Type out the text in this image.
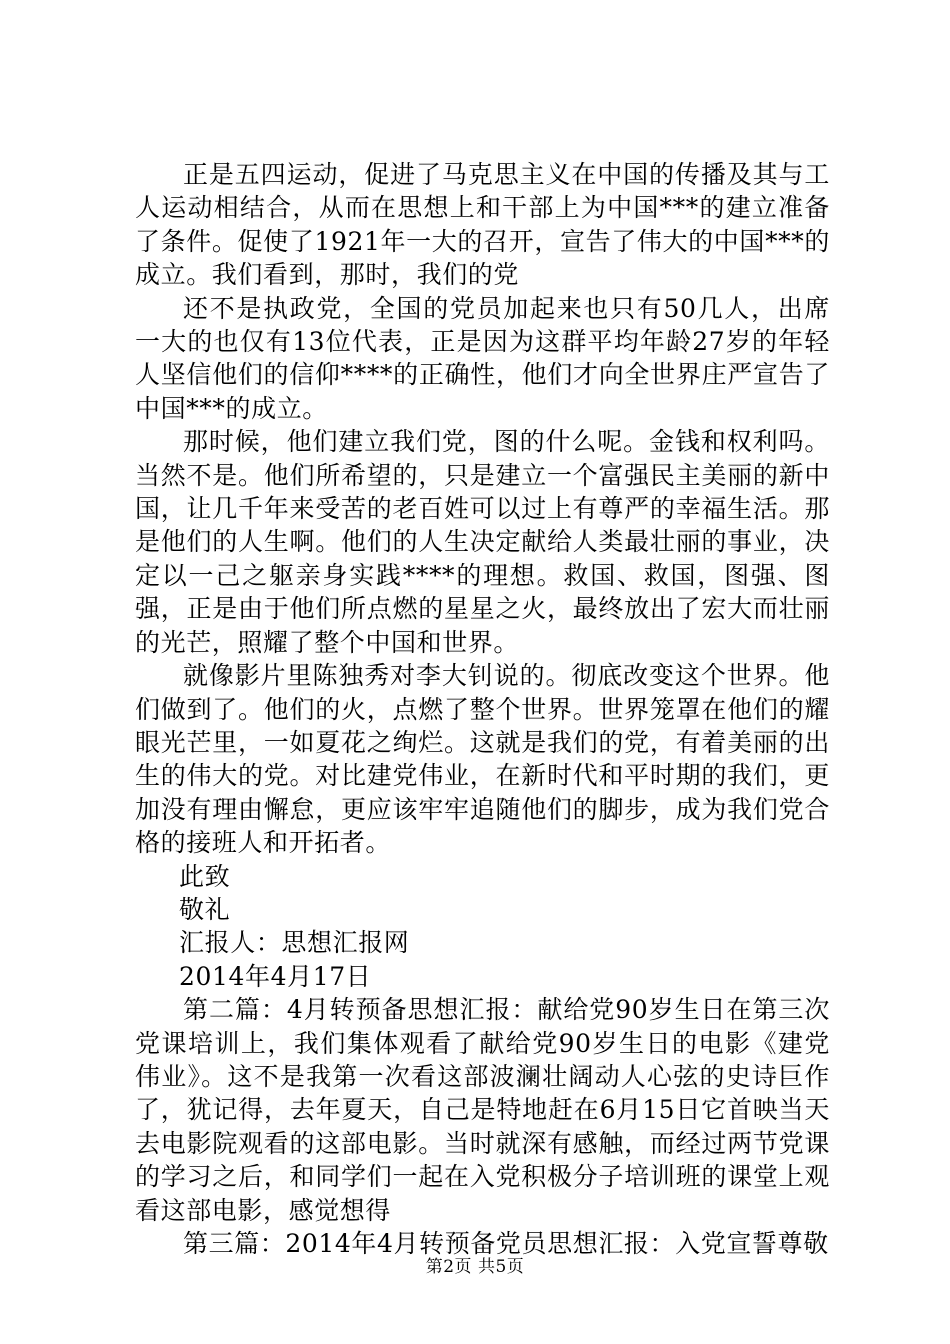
正是五四运动，促进了马克思主义在中国的传播及其与工人运动相结合，从而在思想上和干部上为中国***的建立准备了条件。促使了1921年一大的召开，宣告了伟大的中国***的成立。我们看到，那时，我们的党

还不是执政党，全国的党员加起来也只有50几人，出席一大的也仅有13位代表，正是因为这群平均年龄27岁的年轻人坚信他们的信仰****的正确性，他们才向全世界庄严宣告了中国***的成立。

那时候，他们建立我们党，图的什么呢。金钱和权利吗。当然不是。他们所希望的，只是建立一个富强民主美丽的新中国，让几千年来受苦的老百姓可以过上有尊严的幸福生活。那是他们的人生啊。他们的人生决定献给人类最壮丽的事业，决定以一己之躯亲身实践****的理想。救国、救国，图强、图强，正是由于他们所点燃的星星之火，最终放出了宏大而壮丽的光芒，照耀了整个中国和世界。

就像影片里陈独秀对李大钊说的。彻底改变这个世界。他们做到了。他们的火，点燃了整个世界。世界笼罩在他们的耀眼光芒里，一如夏花之绚烂。这就是我们的党，有着美丽的出生的伟大的党。对比建党伟业，在新时代和平时期的我们，更加没有理由懈怠，更应该牢牢追随他们的脚步，成为我们党合格的接班人和开拓者。

此致

敬礼

汇报人：思想汇报网

2014年4月17日

第二篇：4月转预备思想汇报：献给党90岁生日在第三次党课培训上，我们集体观看了献给党90岁生日的电影《建党伟业》。这不是我第一次看这部波澜壮阔动人心弦的史诗巨作了，犹记得，去年夏天，自己是特地赶在6月15日它首映当天去电影院观看的这部电影。当时就深有感触，而经过两节党课的学习之后，和同学们一起在入党积极分子培训班的课堂上观看这部电影，感觉想得

第三篇：2014年4月转预备党员思想汇报：入党宣誓尊敬

第2页 共5页
